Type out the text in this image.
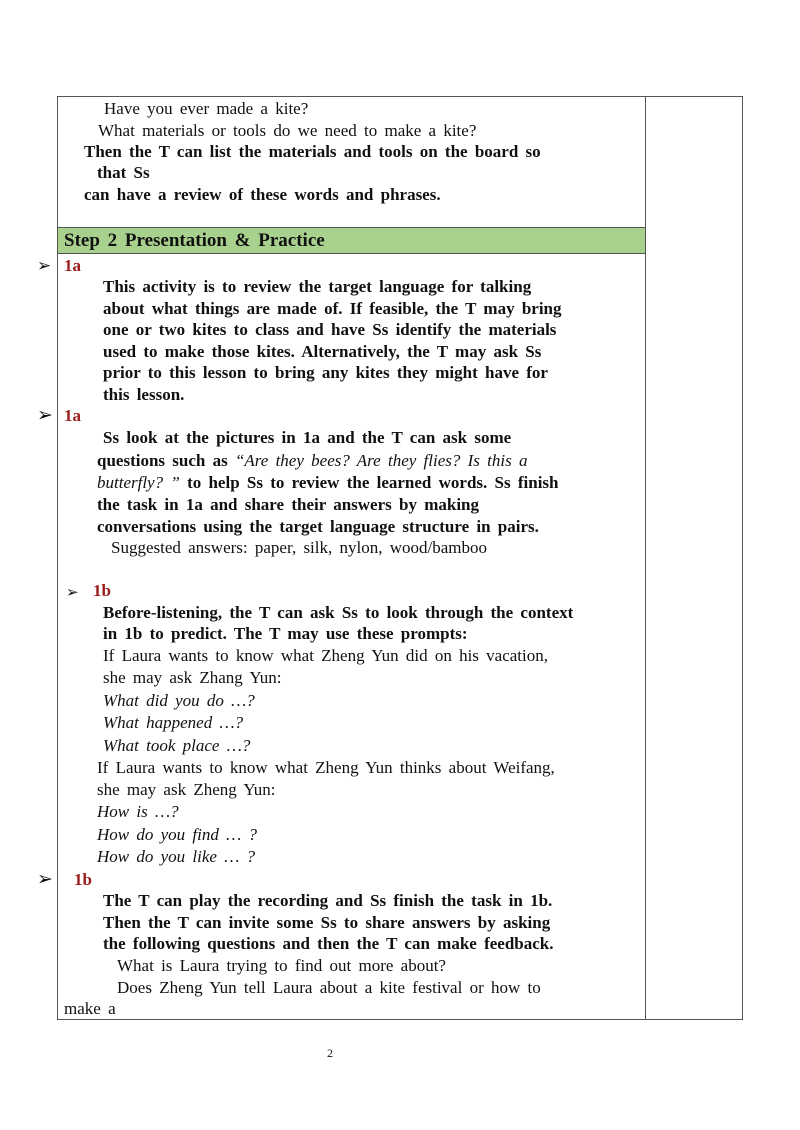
Have you ever made a kite?
What materials or tools do we need to make a kite?
Then the T can list the materials and tools on the board so
that Ss
can have a review of these words and phrases.
Step 2 Presentation & Practice
➢ 1a
This activity is to review the target language for talking
about what things are made of. If feasible, the T may bring
one or two kites to class and have Ss identify the materials
used to make those kites. Alternatively, the T may ask Ss
prior to this lesson to bring any kites they might have for
this lesson.
➢ 1a
Ss look at the pictures in 1a and the T can ask some
questions such as “Are they bees? Are they flies? Is this a
butterfly? ” to help Ss to review the learned words. Ss finish
the task in 1a and share their answers by making
conversations using the target language structure in pairs.
Suggested answers: paper, silk, nylon, wood/bamboo
➢ 1b
Before-listening, the T can ask Ss to look through the context
in 1b to predict. The T may use these prompts:
If Laura wants to know what Zheng Yun did on his vacation,
she may ask Zhang Yun:
What did you do …?
What happened …?
What took place …?
If Laura wants to know what Zheng Yun thinks about Weifang,
she may ask Zheng Yun:
How is …?
How do you find … ?
How do you like … ?
➢ 1b
The T can play the recording and Ss finish the task in 1b.
Then the T can invite some Ss to share answers by asking
the following questions and then the T can make feedback.
What is Laura trying to find out more about?
Does Zheng Yun tell Laura about a kite festival or how to
make a
2
